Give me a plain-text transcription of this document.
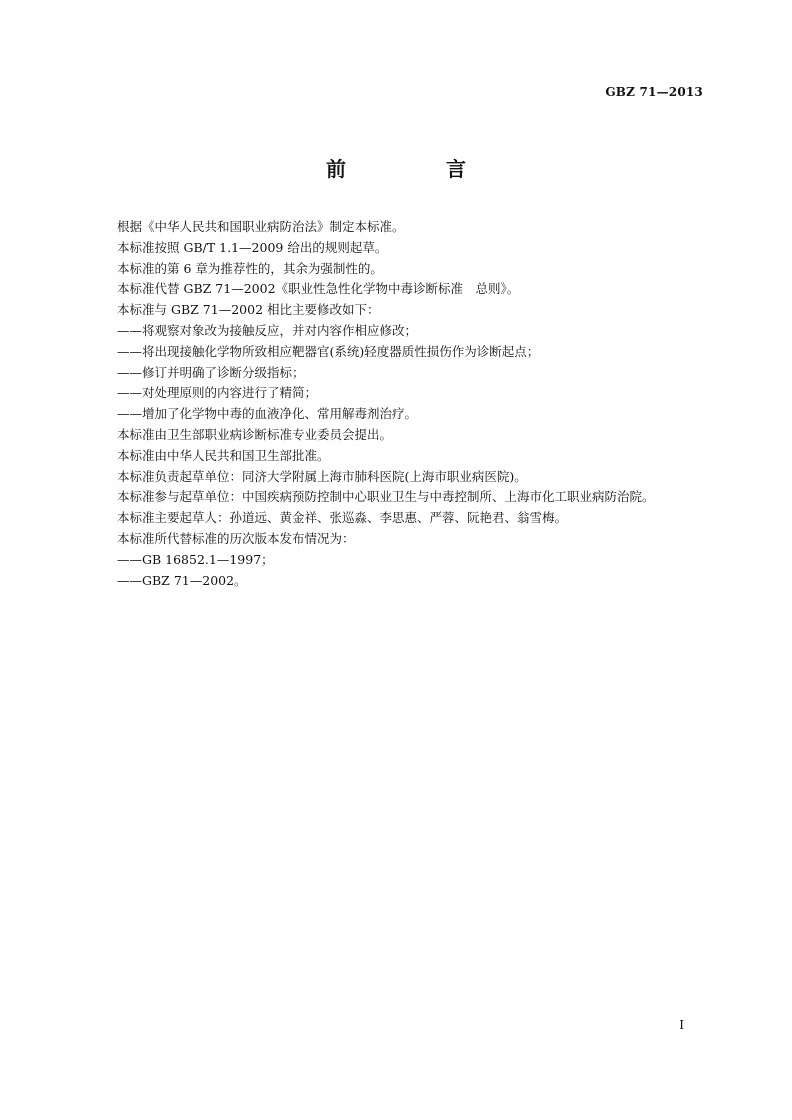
GBZ 71—2013
前　言
根据《中华人民共和国职业病防治法》制定本标准。
本标准按照 GB/T 1.1—2009 给出的规则起草。
本标准的第 6 章为推荐性的，其余为强制性的。
本标准代替 GBZ 71—2002《职业性急性化学物中毒诊断标准　总则》。
本标准与 GBZ 71—2002 相比主要修改如下：
——将观察对象改为接触反应，并对内容作相应修改；
——将出现接触化学物所致相应靶器官(系统)轻度器质性损伤作为诊断起点；
——修订并明确了诊断分级指标；
——对处理原则的内容进行了精简；
——增加了化学物中毒的血液净化、常用解毒剂治疗。
本标准由卫生部职业病诊断标准专业委员会提出。
本标准由中华人民共和国卫生部批准。
本标准负责起草单位：同济大学附属上海市肺科医院(上海市职业病医院)。
本标准参与起草单位：中国疾病预防控制中心职业卫生与中毒控制所、上海市化工职业病防治院。
本标准主要起草人：孙道远、黄金祥、张巡淼、李思惠、严蓉、阮艳君、翁雪梅。
本标准所代替标准的历次版本发布情况为：
——GB 16852.1—1997；
——GBZ 71—2002。
I
